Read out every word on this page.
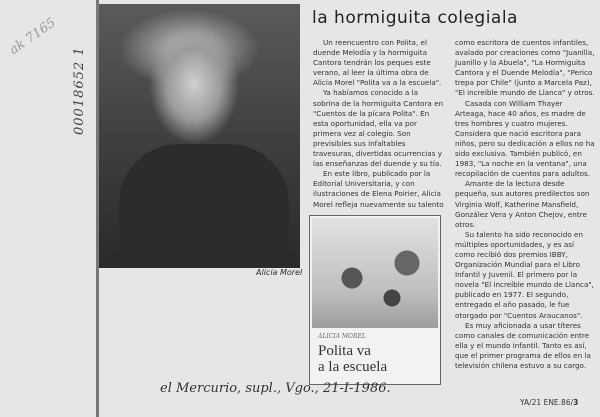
ak 7165
00018652 1
Alicia Morel
la hormiguita colegiala

Un reencuentro con Polita, el duende Melodía y la hormiguita Cantora tendrán los peques este verano, al leer la última obra de Alicia Morel "Polita va a la escuela".

Ya habíamos conocido a la sobrina de la hormiguita Cantora en "Cuentos de la pícara Polita". En esta oportunidad, ella va por primera vez al colegio. Son previsibles sus infaltables travesuras, divertidas ocurrencias y las enseñanzas del duende y su tía.

En este libro, publicado por la Editorial Universitaria, y con ilustraciones de Elena Poirier, Alicia Morel refleja nuevamente su talento

como escritora de cuentos infantiles, avalado por creaciones como "Juanilla, Juanillo y la Abuela", "La Hormiguita Cantora y el Duende Melodía", "Perico trepa por Chile" (junto a Marcela Paz), "El increíble mundo de Llanca" y otros.

Casada con William Thayer Arteaga, hace 40 años, es madre de tres hombres y cuatro mujeres. Considera que nació escritora para niños, pero su dedicación a ellos no ha sido exclusiva. También publicó, en 1983, "La noche en la ventana", una recopilación de cuentos para adultos.

Amante de la lectura desde pequeña, sus autores predilectos son Virginia Wolf, Katherine Mansfield, González Vera y Anton Chejov, entre otros.

Su talento ha sido reconocido en múltiples oportunidades, y es así como recibió dos premios IBBY, Organización Mundial para el Libro Infantil y Juvenil. El primero por la novela "El increíble mundo de Llanca", publicado en 1977. El segundo, entregado el año pasado, le fue otorgado por "Cuentos Araucanos".

Es muy aficionada a usar títeres como canales de comunicación entre ella y el mundo infantil. Tanto es así, que el primer programa de ellos en la televisión chilena estuvo a su cargo.

ALICIA MOREL
Polita va
a la escuela
el Mercurio, supl., Vgo., 21-I-1986.
YA/21 ENE.86/3
